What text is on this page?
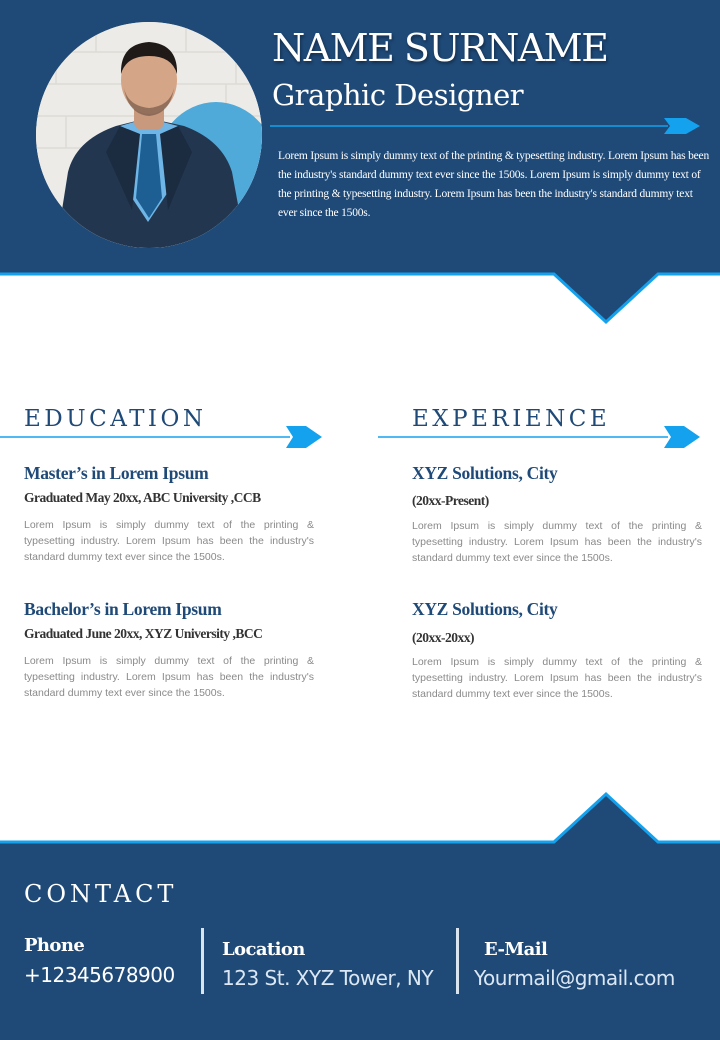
NAME SURNAME
Graphic Designer
Lorem Ipsum is simply dummy text of the printing & typesetting industry. Lorem Ipsum has been the industry's standard dummy text ever since the 1500s. Lorem Ipsum is simply dummy text of the printing & typesetting industry. Lorem Ipsum has been the industry's standard dummy text ever since the 1500s.
EDUCATION
Master’s in Lorem Ipsum
Graduated May 20xx, ABC University ,CCB
Lorem Ipsum is simply dummy text of the printing & typesetting industry. Lorem Ipsum has been the industry's standard dummy text ever since the 1500s.
Bachelor’s in Lorem Ipsum
Graduated June 20xx, XYZ University ,BCC
Lorem Ipsum is simply dummy text of the printing & typesetting industry. Lorem Ipsum has been the industry's standard dummy text ever since the 1500s.
EXPERIENCE
XYZ Solutions, City
(20xx-Present)
Lorem Ipsum is simply dummy text of the printing & typesetting industry. Lorem Ipsum has been the industry's standard dummy text ever since the 1500s.
XYZ Solutions, City
(20xx-20xx)
Lorem Ipsum is simply dummy text of the printing & typesetting industry. Lorem Ipsum has been the industry's standard dummy text ever since the 1500s.
CONTACT
Phone
+12345678900
Location
123 St. XYZ Tower, NY
E-Mail
Yourmail@gmail.com
